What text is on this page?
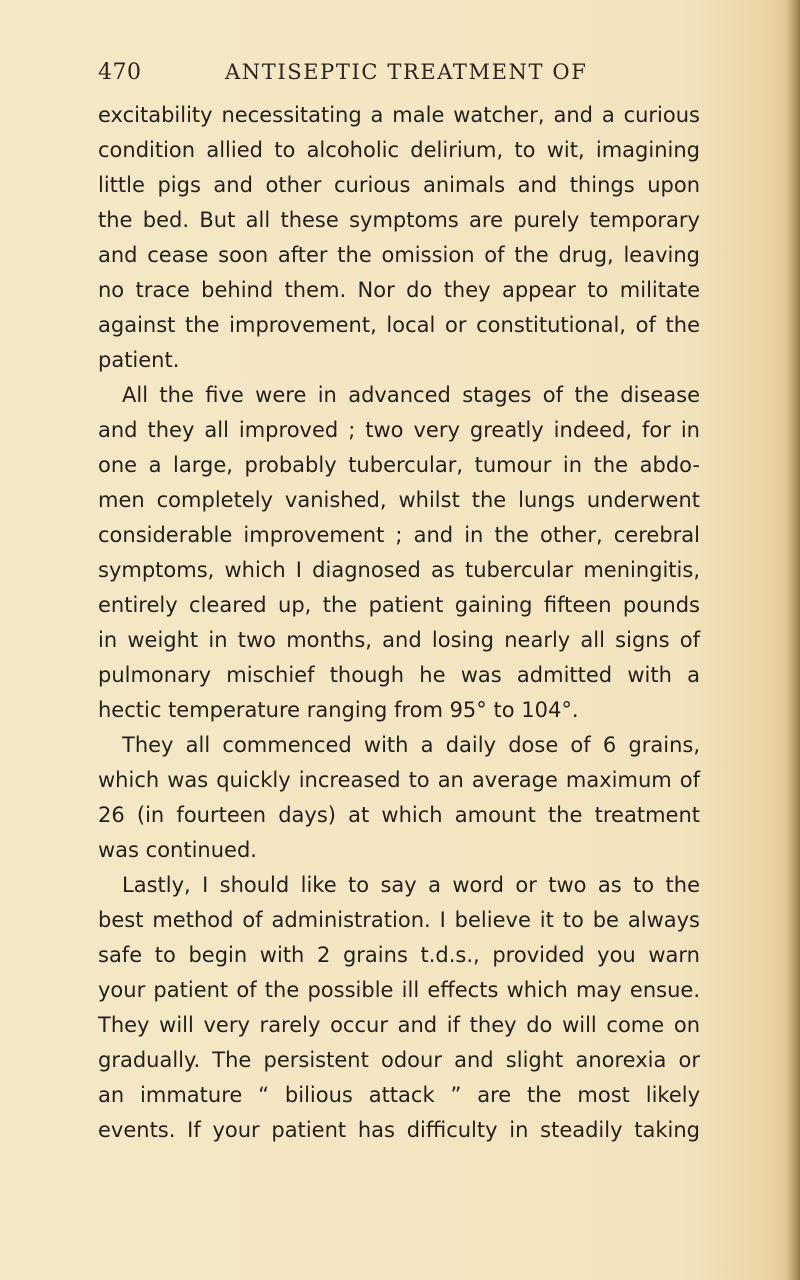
470	ANTISEPTIC TREATMENT OF
excitability necessitating a male watcher, and a curious
condition allied to alcoholic delirium, to wit, imagining
little pigs and other curious animals and things upon
the bed. But all these symptoms are purely temporary
and cease soon after the omission of the drug, leaving
no trace behind them. Nor do they appear to militate
against the improvement, local or constitutional, of the
patient.
All the five were in advanced stages of the disease
and they all improved ; two very greatly indeed, for in
one a large, probably tubercular, tumour in the abdo-
men completely vanished, whilst the lungs underwent
considerable improvement ; and in the other, cerebral
symptoms, which I diagnosed as tubercular meningitis,
entirely cleared up, the patient gaining fifteen pounds
in weight in two months, and losing nearly all signs of
pulmonary mischief though he was admitted with a
hectic temperature ranging from 95° to 104°.
They all commenced with a daily dose of 6 grains,
which was quickly increased to an average maximum of
26 (in fourteen days) at which amount the treatment
was continued.
Lastly, I should like to say a word or two as to the
best method of administration. I believe it to be always
safe to begin with 2 grains t.d.s., provided you warn
your patient of the possible ill effects which may ensue.
They will very rarely occur and if they do will come on
gradually. The persistent odour and slight anorexia or
an immature “ bilious attack ” are the most likely
events. If your patient has difficulty in steadily taking
